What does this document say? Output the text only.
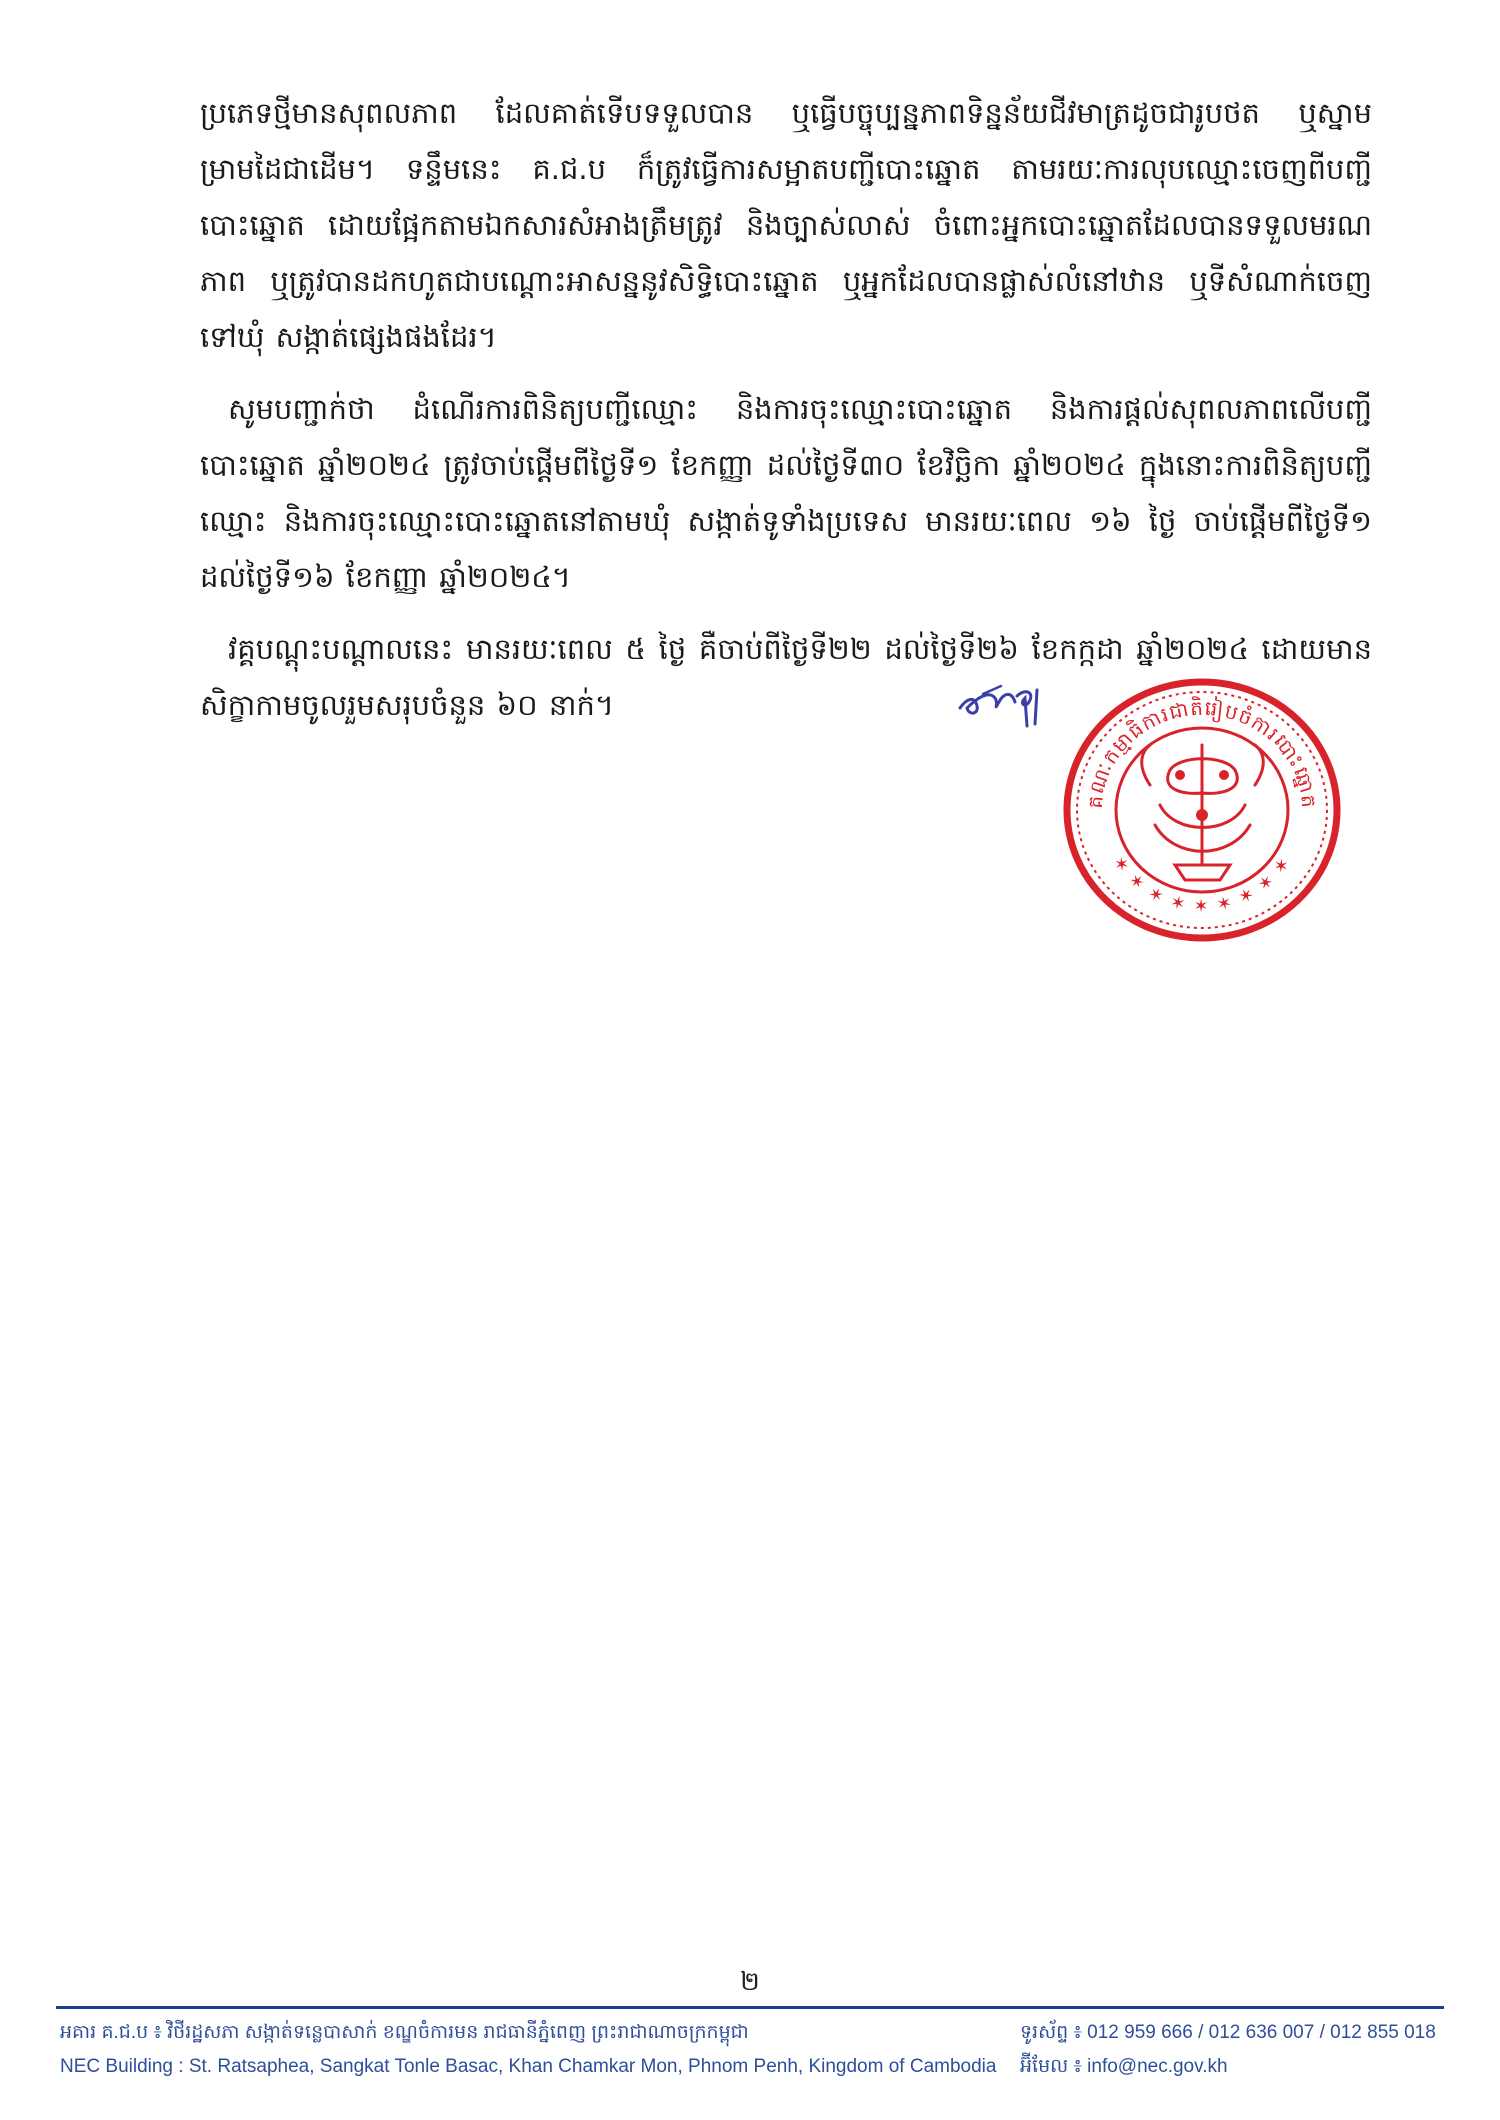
ប្រភេទថ្មីមានសុពលភាព ដែលគាត់ទើបទទួលបាន ឬធ្វើបច្ចុប្បន្នភាពទិន្នន័យជីវមាត្រដូចជារូបថត ឬស្នាមម្រាមដៃជាដើម។ ទន្ទឹមនេះ គ.ជ.ប ក៏ត្រូវធ្វើការសម្អាតបញ្ជីបោះឆ្នោត តាមរយៈការលុបឈ្មោះចេញពីបញ្ជីបោះឆ្នោត ដោយផ្អែកតាមឯកសារសំអាងត្រឹមត្រូវ និងច្បាស់លាស់ ចំពោះអ្នកបោះឆ្នោតដែលបានទទួលមរណភាព ឬត្រូវបានដកហូតជាបណ្ដោះអាសន្ននូវសិទ្ធិបោះឆ្នោត ឬអ្នកដែលបានផ្លាស់លំនៅឋាន ឬទីសំណាក់ចេញទៅឃុំ សង្កាត់ផ្សេងផងដែរ។

សូមបញ្ជាក់ថា ដំណើរការពិនិត្យបញ្ជីឈ្មោះ និងការចុះឈ្មោះបោះឆ្នោត និងការផ្ដល់សុពលភាពលើបញ្ជីបោះឆ្នោត ឆ្នាំ២០២៤ ត្រូវចាប់ផ្ដើមពីថ្ងៃទី១ ខែកញ្ញា ដល់ថ្ងៃទី៣០ ខែវិច្ឆិកា ឆ្នាំ២០២៤ ក្នុងនោះការពិនិត្យបញ្ជីឈ្មោះ និងការចុះឈ្មោះបោះឆ្នោតនៅតាមឃុំ សង្កាត់ទូទាំងប្រទេស មានរយៈពេល ១៦ ថ្ងៃ ចាប់ផ្ដើមពីថ្ងៃទី១ ដល់ថ្ងៃទី១៦ ខែកញ្ញា ឆ្នាំ២០២៤។

វគ្គបណ្ដុះបណ្ដាលនេះ មានរយៈពេល ៥ ថ្ងៃ គឺចាប់ពីថ្ងៃទី២២ ដល់ថ្ងៃទី២៦ ខែកក្កដា ឆ្នាំ២០២៤ ដោយមានសិក្ខាកាមចូលរួមសរុបចំនួន ៦០ នាក់។

គណៈកម្មាធិការជាតិរៀបចំការបោះឆ្នោត
✶ ✶ ✶ ✶ ✶ ✶ ✶ ✶ ✶
២
អគារ គ.ជ.ប ៖ វិថីរដ្ឋសភា សង្កាត់ទន្លេបាសាក់ ខណ្ឌចំការមន រាជធានីភ្នំពេញ ព្រះរាជាណាចក្រកម្ពុជា
NEC Building : St. Ratsaphea, Sangkat Tonle Basac, Khan Chamkar Mon, Phnom Penh, Kingdom of Cambodia
ទូរស័ព្ទ ៖ 012 959 666 / 012 636 007 / 012 855 018
អ៊ីមែល ៖ info@nec.gov.kh
